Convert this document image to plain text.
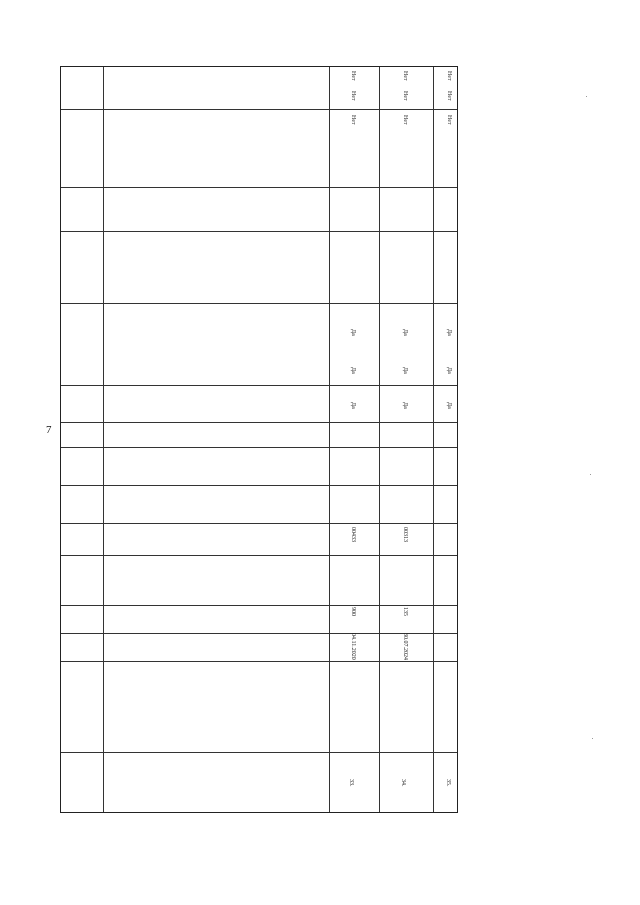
7
33.
04.11.2020
900
00433
Да
Да
Да
Нет
Нет
Нет
34.
30.07.2024
135
00313
Да
Да
Да
Нет
Нет
Нет
35.
Да
Да
Да
Нет
Нет
Нет
